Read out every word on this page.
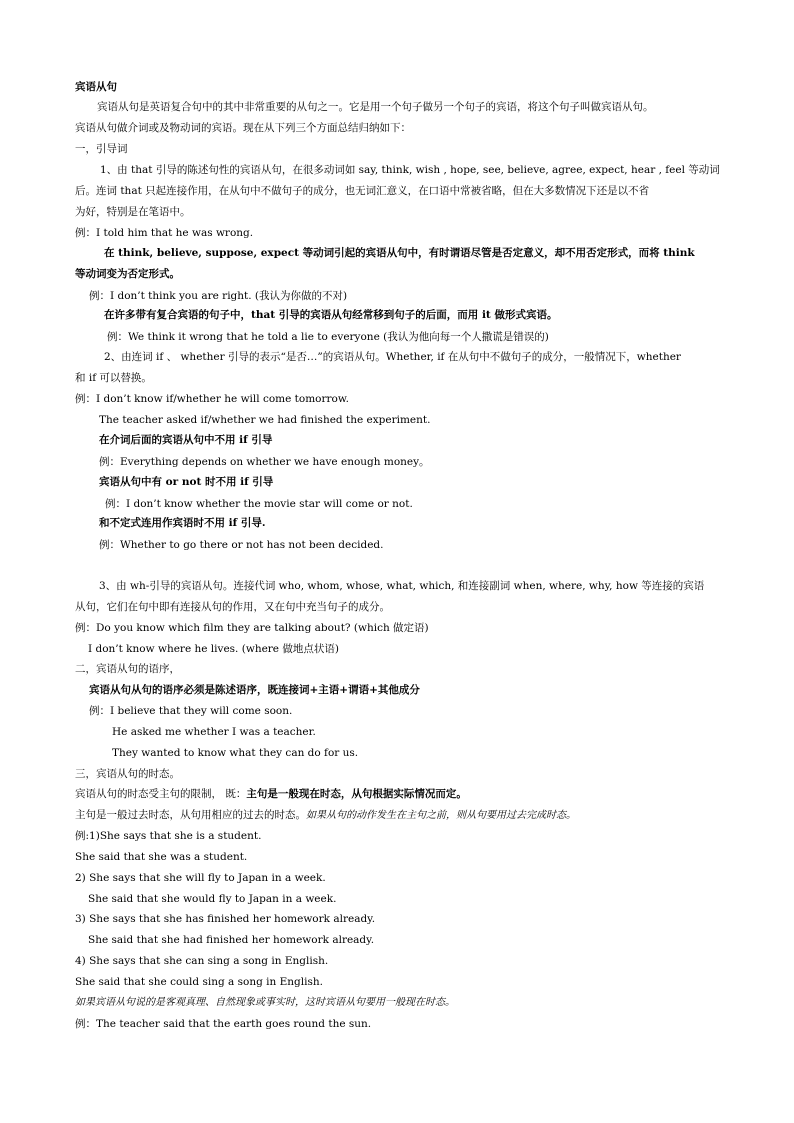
宾语从句
宾语从句是英语复合句中的其中非常重要的从句之一。它是用一个句子做另一个句子的宾语，将这个句子叫做宾语从句。
宾语从句做介词或及物动词的宾语。现在从下列三个方面总结归纳如下：
一，引导词
1、由 that 引导的陈述句性的宾语从句，在很多动词如 say, think, wish , hope, see, believe, agree, expect, hear , feel 等动词
后。连词 that 只起连接作用，在从句中不做句子的成分，也无词汇意义，在口语中常被省略，但在大多数情况下还是以不省
为好，特别是在笔语中。
例：I told him that he was wrong.
在 think, believe, suppose, expect 等动词引起的宾语从句中，有时谓语尽管是否定意义，却不用否定形式，而将 think
等动词变为否定形式。
例：I don’t think you are right. (我认为你做的不对)
在许多带有复合宾语的句子中，that 引导的宾语从句经常移到句子的后面，而用 it 做形式宾语。
例：We think it wrong that he told a lie to everyone (我认为他向每一个人撒谎是错误的)
2、由连词 if 、 whether 引导的表示“是否…”的宾语从句。Whether, if 在从句中不做句子的成分，一般情况下，whether
和 if 可以替换。
例：I don’t know if/whether he will come tomorrow.
The teacher asked if/whether we had finished the experiment.
在介词后面的宾语从句中不用 if 引导
例：Everything depends on whether we have enough money。
宾语从句中有 or not 时不用 if 引导
例：I don’t know whether the movie star will come or not.
和不定式连用作宾语时不用 if 引导.
例：Whether to go there or not has not been decided.
3、由 wh-引导的宾语从句。连接代词 who, whom, whose, what, which, 和连接副词 when, where, why, how 等连接的宾语
从句，它们在句中即有连接从句的作用，又在句中充当句子的成分。
例：Do you know which film they are talking about? (which 做定语)
I don’t know where he lives. (where 做地点状语)
二，宾语从句的语序，
宾语从句从句的语序必须是陈述语序，既连接词+主语+谓语+其他成分
例：I believe that they will come soon.
He asked me whether I was a teacher.
They wanted to know what they can do for us.
三，宾语从句的时态。
宾语从句的时态受主句的限制， 既：主句是一般现在时态，从句根据实际情况而定。
主句是一般过去时态，从句用相应的过去的时态。如果从句的动作发生在主句之前，则从句要用过去完成时态。
例:1)She says that she is a student.
She said that she was a student.
2) She says that she will fly to Japan in a week.
She said that she would fly to Japan in a week.
3) She says that she has finished her homework already.
She said that she had finished her homework already.
4) She says that she can sing a song in English.
She said that she could sing a song in English.
如果宾语从句说的是客观真理、自然现象或事实时，这时宾语从句要用一般现在时态。
例：The teacher said that the earth goes round the sun.
